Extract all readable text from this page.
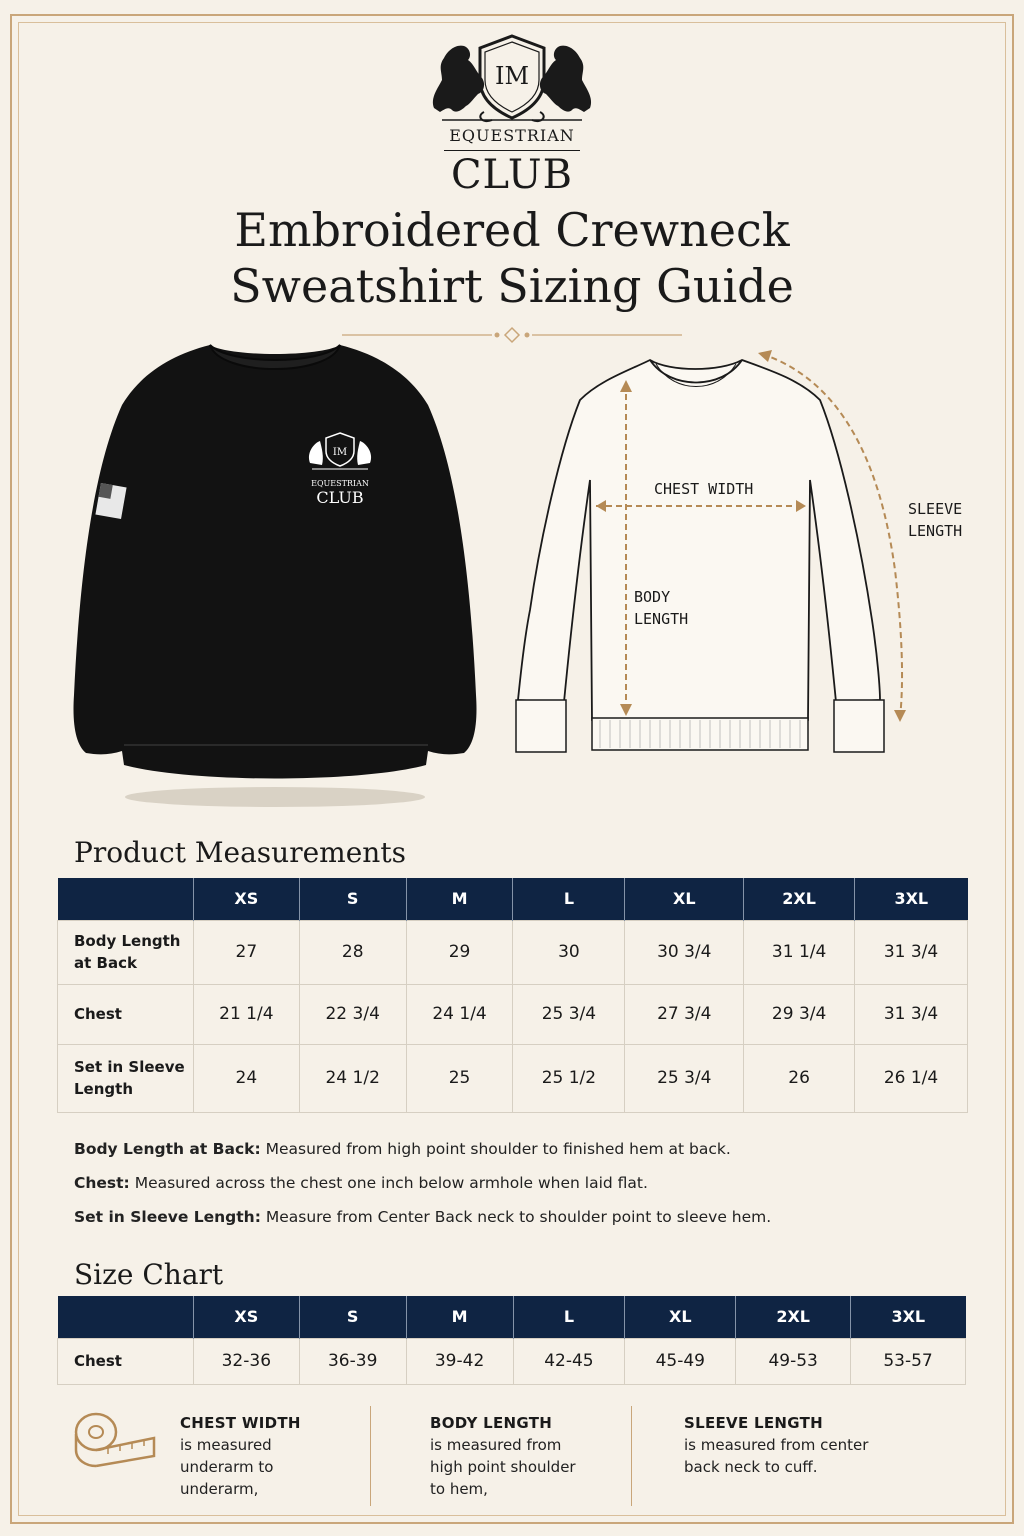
IM
EQUESTRIAN
CLUB
Embroidered Crewneck
Sweatshirt Sizing Guide
IM
EQUESTRIAN
CLUB	CHEST WIDTH
BODY
LENGTH
SLEEVE
LENGTH
Product Measurements
	XS	S	M	L	XL	2XL	3XL

Body Length
at Back	27	28	29	30	30 3/4	31 1/4	31 3/4

Chest	21 1/4	22 3/4	24 1/4	25 3/4	27 3/4	29 3/4	31 3/4

Set in Sleeve
Length	24	24 1/2	25	25 1/2	25 3/4	26	26 1/4
Body Length at Back: Measured from high point shoulder to finished hem at back.
Chest: Measured across the chest one inch below armhole when laid flat.
Set in Sleeve Length: Measure from Center Back neck to shoulder point to sleeve hem.
Size Chart
	XS	S	M	L	XL	2XL	3XL

Chest	32-36	36-39	39-42	42-45	45-49	49-53	53-57
CHEST WIDTH
is measured
underarm to
underarm,
BODY LENGTH
is measured from
high point shoulder
to hem,
SLEEVE LENGTH
is measured from center
back neck to cuff.
